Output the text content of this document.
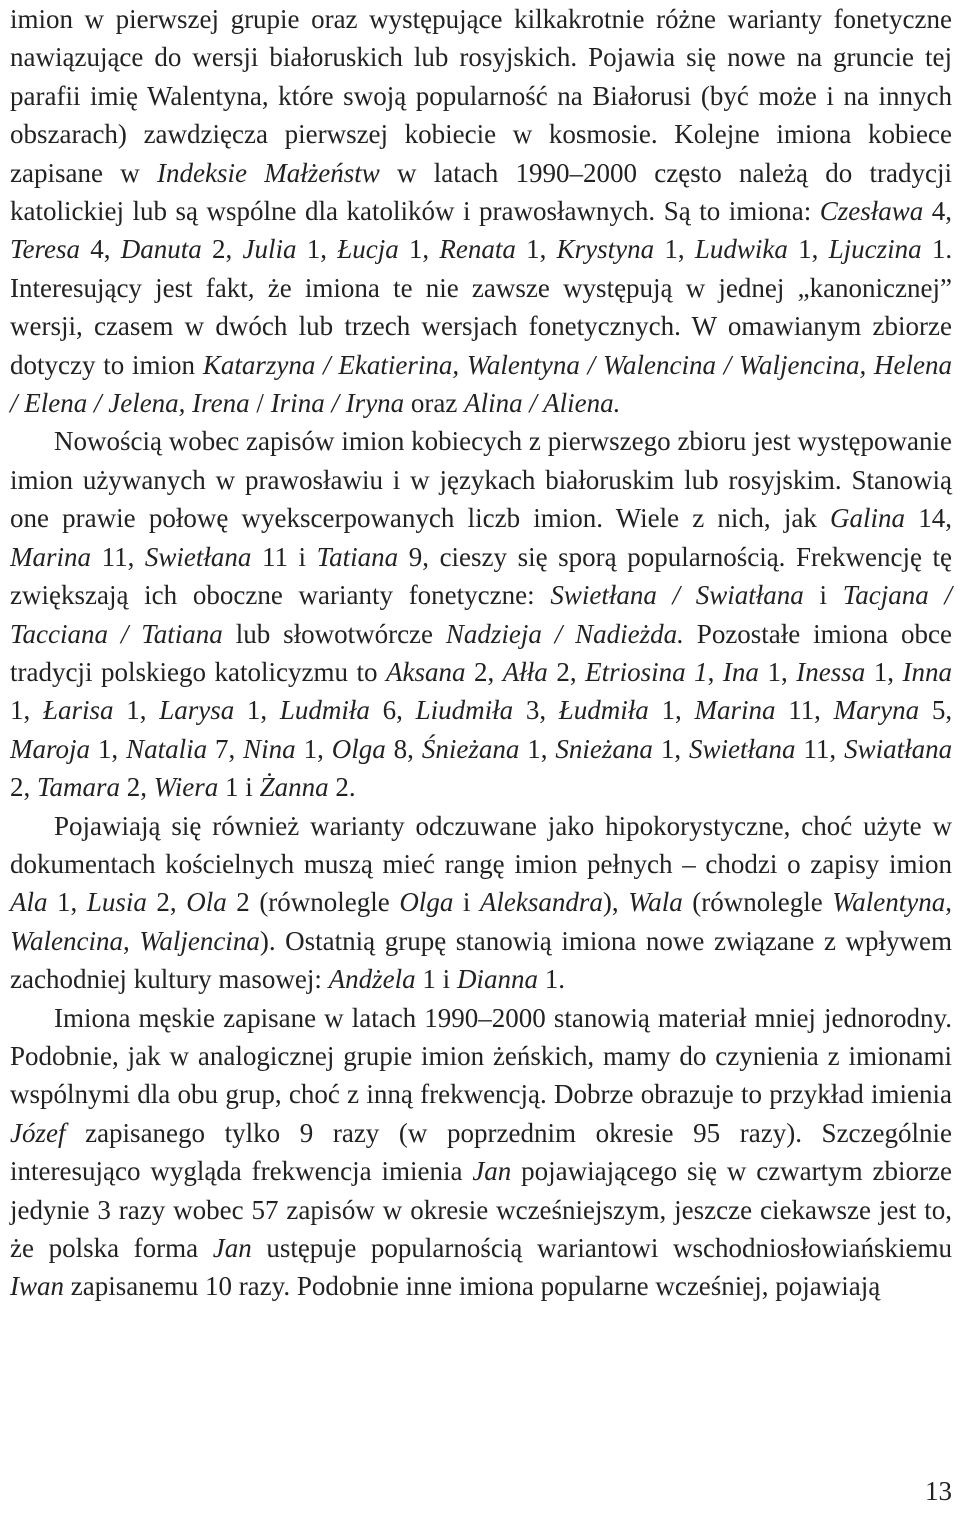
imion w pierwszej grupie oraz występujące kilkakrotnie różne warianty fonetyczne nawiązujące do wersji białoruskich lub rosyjskich. Pojawia się nowe na gruncie tej parafii imię Walentyna, które swoją popularność na Białorusi (być może i na innych obszarach) zawdzięcza pierwszej kobiecie w kosmosie. Kolejne imiona kobiece zapisane w Indeksie Małżeństw w latach 1990–2000 często należą do tradycji katolickiej lub są wspólne dla katolików i prawosławnych. Są to imiona: Czesława 4, Teresa 4, Danuta 2, Julia 1, Łucja 1, Renata 1, Krystyna 1, Ludwika 1, Ljuczina 1. Interesujący jest fakt, że imiona te nie zawsze występują w jednej „kanonicznej” wersji, czasem w dwóch lub trzech wersjach fonetycznych. W omawianym zbiorze dotyczy to imion Katarzyna / Ekatierina, Walentyna / Walencina / Waljencina, Helena / Elena / Jelena, Irena / Irina / Iryna oraz Alina / Aliena.

Nowością wobec zapisów imion kobiecych z pierwszego zbioru jest występowanie imion używanych w prawosławiu i w językach białoruskim lub rosyjskim. Stanowią one prawie połowę wyekscerpowanych liczb imion. Wiele z nich, jak Galina 14, Marina 11, Swietłana 11 i Tatiana 9, cieszy się sporą popularnością. Frekwencję tę zwiększają ich oboczne warianty fonetyczne: Swietłana / Swiatłana i Tacjana / Tacciana / Tatiana lub słowotwórcze Nadzieja / Nadieżda. Pozostałe imiona obce tradycji polskiego katolicyzmu to Aksana 2, Ałła 2, Etriosina 1, Ina 1, Inessa 1, Inna 1, Łarisa 1, Larysa 1, Ludmiła 6, Liudmiła 3, Łudmiła 1, Marina 11, Maryna 5, Maroja 1, Natalia 7, Nina 1, Olga 8, Śnieżana 1, Snieżana 1, Swietłana 11, Swiatłana 2, Tamara 2, Wiera 1 i Żanna 2.

Pojawiają się również warianty odczuwane jako hipokorystyczne, choć użyte w dokumentach kościelnych muszą mieć rangę imion pełnych – chodzi o zapisy imion Ala 1, Lusia 2, Ola 2 (równolegle Olga i Aleksandra), Wala (równolegle Walentyna, Walencina, Waljencina). Ostatnią grupę stanowią imiona nowe związane z wpływem zachodniej kultury masowej: Andżela 1 i Dianna 1.

Imiona męskie zapisane w latach 1990–2000 stanowią materiał mniej jednorodny. Podobnie, jak w analogicznej grupie imion żeńskich, mamy do czynienia z imionami wspólnymi dla obu grup, choć z inną frekwencją. Dobrze obrazuje to przykład imienia Józef zapisanego tylko 9 razy (w poprzednim okresie 95 razy). Szczególnie interesująco wygląda frekwencja imienia Jan pojawiającego się w czwartym zbiorze jedynie 3 razy wobec 57 zapisów w okresie wcześniejszym, jeszcze ciekawsze jest to, że polska forma Jan ustępuje popularnością wariantowi wschodniosłowiańskiemu Iwan zapisanemu 10 razy. Podobnie inne imiona popularne wcześniej, pojawiają

13
